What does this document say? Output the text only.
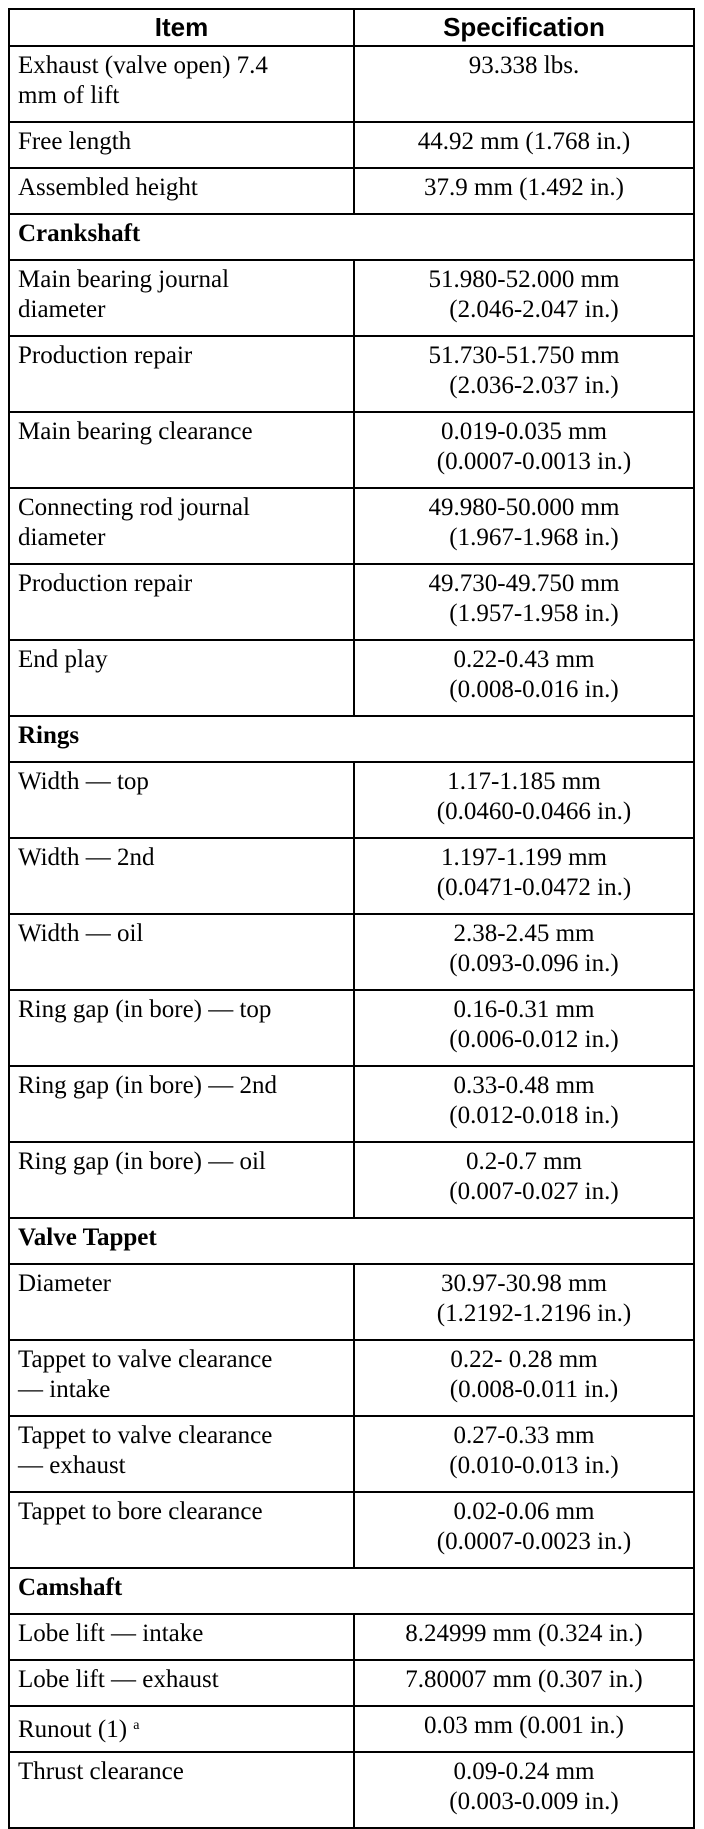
Item	Specification

Exhaust (valve open) 7.4
mm of lift	93.338 lbs.

Free length	44.92 mm (1.768 in.)

Assembled height	37.9 mm (1.492 in.)

Crankshaft	

Main bearing journal
diameter	51.980-52.000 mm
(2.046-2.047 in.)

Production repair	51.730-51.750 mm
(2.036-2.037 in.)

Main bearing clearance	0.019-0.035 mm
(0.0007-0.0013 in.)

Connecting rod journal
diameter	49.980-50.000 mm
(1.967-1.968 in.)

Production repair	49.730-49.750 mm
(1.957-1.958 in.)

End play	0.22-0.43 mm
(0.008-0.016 in.)

Rings	

Width — top	1.17-1.185 mm
(0.0460-0.0466 in.)

Width — 2nd	1.197-1.199 mm
(0.0471-0.0472 in.)

Width — oil	2.38-2.45 mm
(0.093-0.096 in.)

Ring gap (in bore) — top	0.16-0.31 mm
(0.006-0.012 in.)

Ring gap (in bore) — 2nd	0.33-0.48 mm
(0.012-0.018 in.)

Ring gap (in bore) — oil	0.2-0.7 mm
(0.007-0.027 in.)

Valve Tappet	

Diameter	30.97-30.98 mm
(1.2192-1.2196 in.)

Tappet to valve clearance
— intake	0.22- 0.28 mm
(0.008-0.011 in.)

Tappet to valve clearance
— exhaust	0.27-0.33 mm
(0.010-0.013 in.)

Tappet to bore clearance	0.02-0.06 mm
(0.0007-0.0023 in.)

Camshaft	

Lobe lift — intake	8.24999 mm (0.324 in.)

Lobe lift — exhaust	7.80007 mm (0.307 in.)

Runout (1) $^a$	0.03 mm (0.001 in.)

Thrust clearance	0.09-0.24 mm
(0.003-0.009 in.)
